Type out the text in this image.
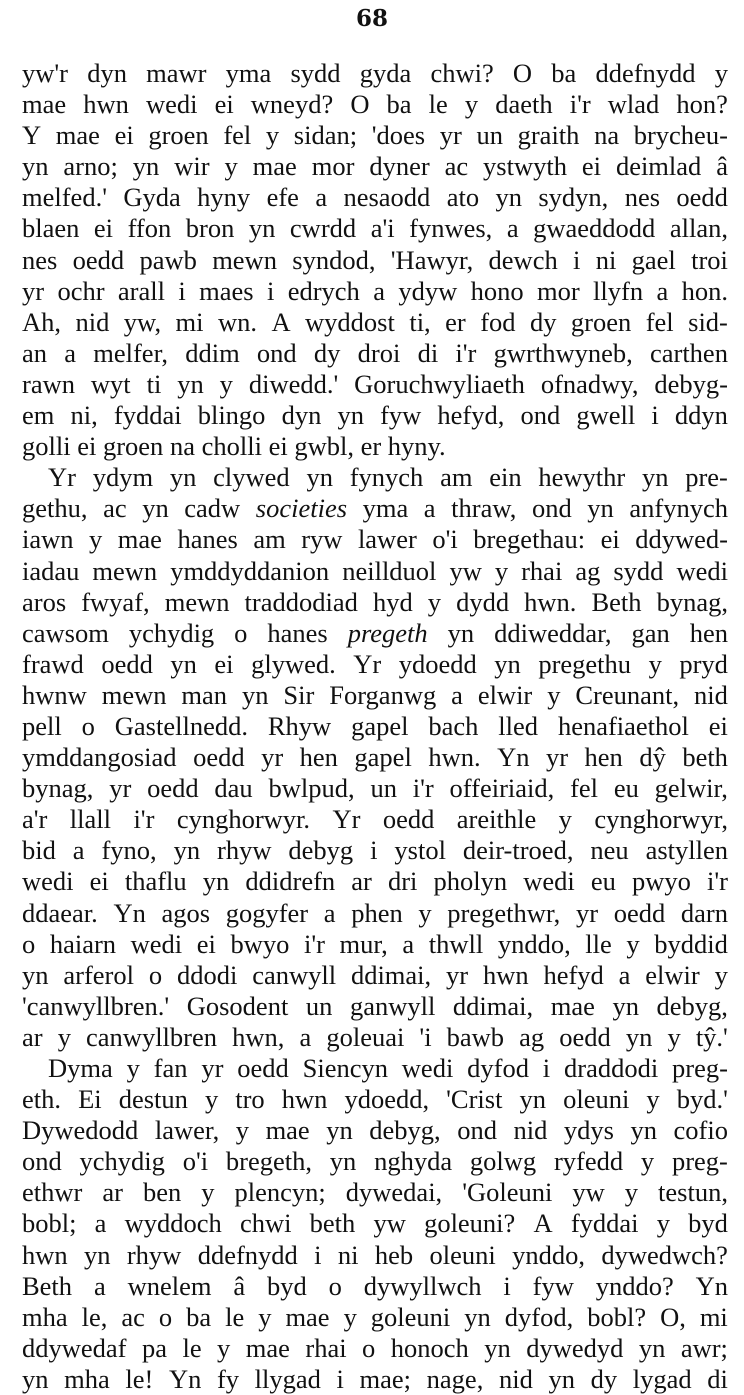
68
yw'r dyn mawr yma sydd gyda chwi? O ba ddefnydd y
mae hwn wedi ei wneyd? O ba le y daeth i'r wlad hon?
Y mae ei groen fel y sidan; 'does yr un graith na brycheu-
yn arno; yn wir y mae mor dyner ac ystwyth ei deimlad â
melfed.' Gyda hyny efe a nesaodd ato yn sydyn, nes oedd
blaen ei ffon bron yn cwrdd a'i fynwes, a gwaeddodd allan,
nes oedd pawb mewn syndod, 'Hawyr, dewch i ni gael troi
yr ochr arall i maes i edrych a ydyw hono mor llyfn a hon.
Ah, nid yw, mi wn. A wyddost ti, er fod dy groen fel sid-
an a melfer, ddim ond dy droi di i'r gwrthwyneb, carthen
rawn wyt ti yn y diwedd.' Goruchwyliaeth ofnadwy, debyg-
em ni, fyddai blingo dyn yn fyw hefyd, ond gwell i ddyn
golli ei groen na cholli ei gwbl, er hyny.
Yr ydym yn clywed yn fynych am ein hewythr yn pre-
gethu, ac yn cadw societies yma a thraw, ond yn anfynych
iawn y mae hanes am ryw lawer o'i bregethau: ei ddywed-
iadau mewn ymddyddanion neillduol yw y rhai ag sydd wedi
aros fwyaf, mewn traddodiad hyd y dydd hwn. Beth bynag,
cawsom ychydig o hanes pregeth yn ddiweddar, gan hen
frawd oedd yn ei glywed. Yr ydoedd yn pregethu y pryd
hwnw mewn man yn Sir Forganwg a elwir y Creunant, nid
pell o Gastellnedd. Rhyw gapel bach lled henafiaethol ei
ymddangosiad oedd yr hen gapel hwn. Yn yr hen dŷ beth
bynag, yr oedd dau bwlpud, un i'r offeiriaid, fel eu gelwir,
a'r llall i'r cynghorwyr. Yr oedd areithle y cynghorwyr,
bid a fyno, yn rhyw debyg i ystol deir-troed, neu astyllen
wedi ei thaflu yn ddidrefn ar dri pholyn wedi eu pwyo i'r
ddaear. Yn agos gogyfer a phen y pregethwr, yr oedd darn
o haiarn wedi ei bwyo i'r mur, a thwll ynddo, lle y byddid
yn arferol o ddodi canwyll ddimai, yr hwn hefyd a elwir y
'canwyllbren.' Gosodent un ganwyll ddimai, mae yn debyg,
ar y canwyllbren hwn, a goleuai 'i bawb ag oedd yn y tŷ.'
Dyma y fan yr oedd Siencyn wedi dyfod i draddodi preg-
eth. Ei destun y tro hwn ydoedd, 'Crist yn oleuni y byd.'
Dywedodd lawer, y mae yn debyg, ond nid ydys yn cofio
ond ychydig o'i bregeth, yn nghyda golwg ryfedd y preg-
ethwr ar ben y plencyn; dywedai, 'Goleuni yw y testun,
bobl; a wyddoch chwi beth yw goleuni? A fyddai y byd
hwn yn rhyw ddefnydd i ni heb oleuni ynddo, dywedwch?
Beth a wnelem â byd o dywyllwch i fyw ynddo? Yn
mha le, ac o ba le y mae y goleuni yn dyfod, bobl? O, mi
ddywedaf pa le y mae rhai o honoch yn dywedyd yn awr;
yn mha le! Yn fy llygad i mae; nage, nid yn dy lygad di
